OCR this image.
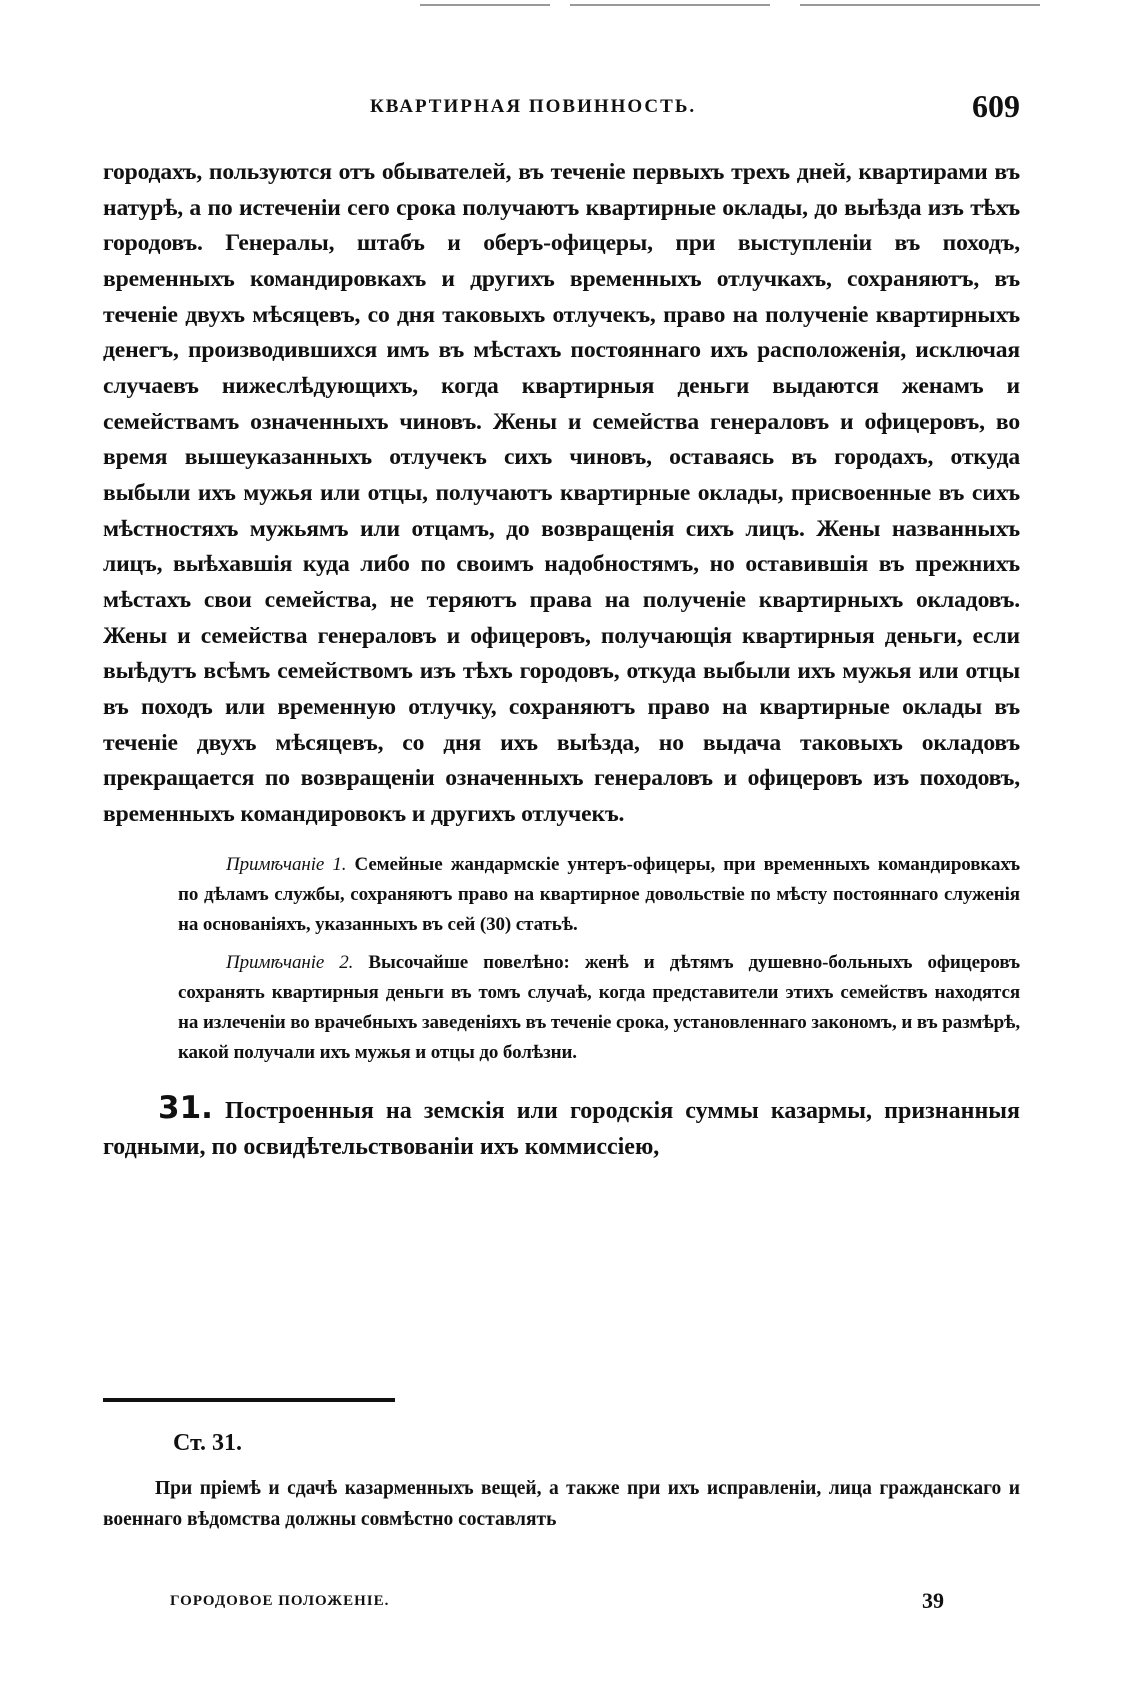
КВАРТИРНАЯ ПОВИННОСТЬ.	609

городахъ, пользуются отъ обывателей, въ теченіе первыхъ трехъ дней, квартирами въ натурѣ, а по истеченіи сего срока получаютъ квартирные оклады, до выѣзда изъ тѣхъ городовъ. Генералы, штабъ и оберъ-офицеры, при выступленіи въ походъ, временныхъ командировкахъ и другихъ временныхъ отлучкахъ, сохраняютъ, въ теченіе двухъ мѣсяцевъ, со дня таковыхъ отлучекъ, право на полученіе квартирныхъ денегъ, производившихся имъ въ мѣстахъ постояннаго ихъ расположенія, исключая случаевъ нижеслѣдующихъ, когда квартирныя деньги выдаются женамъ и семействамъ означенныхъ чиновъ. Жены и семейства генераловъ и офицеровъ, во время вышеуказанныхъ отлучекъ сихъ чиновъ, оставаясь въ городахъ, откуда выбыли ихъ мужья или отцы, получаютъ квартирные оклады, присвоенные въ сихъ мѣстностяхъ мужьямъ или отцамъ, до возвращенія сихъ лицъ. Жены названныхъ лицъ, выѣхавшія куда либо по своимъ надобностямъ, но оставившія въ прежнихъ мѣстахъ свои семейства, не теряютъ права на полученіе квартирныхъ окладовъ. Жены и семейства генераловъ и офицеровъ, получающія квартирныя деньги, если выѣдутъ всѣмъ семействомъ изъ тѣхъ городовъ, откуда выбыли ихъ мужья или отцы въ походъ или временную отлучку, сохраняютъ право на квартирные оклады въ теченіе двухъ мѣсяцевъ, со дня ихъ выѣзда, но выдача таковыхъ окладовъ прекращается по возвращеніи означенныхъ генераловъ и офицеровъ изъ походовъ, временныхъ командировокъ и другихъ отлучекъ.

Примѣчаніе 1. Семейные жандармскіе унтеръ-офицеры, при временныхъ командировкахъ по дѣламъ службы, сохраняютъ право на квартирное довольствіе по мѣсту постояннаго служенія на основаніяхъ, указанныхъ въ сей (30) статьѣ.

Примѣчаніе 2. Высочайше повелѣно: женѣ и дѣтямъ душевно-больныхъ офицеровъ сохранять квартирныя деньги въ томъ случаѣ, когда представители этихъ семействъ находятся на излеченіи во врачебныхъ заведеніяхъ въ теченіе срока, установленнаго закономъ, и въ размѣрѣ, какой получали ихъ мужья и отцы до болѣзни.

31. Построенныя на земскія или городскія суммы казармы, признанныя годными, по освидѣтельствованіи ихъ коммиссіею,

Ст. 31.

При пріемѣ и сдачѣ казарменныхъ вещей, а также при ихъ исправленіи, лица гражданскаго и военнаго вѣдомства должны совмѣстно составлять

ГОРОДОВОЕ ПОЛОЖЕНІЕ.	39
